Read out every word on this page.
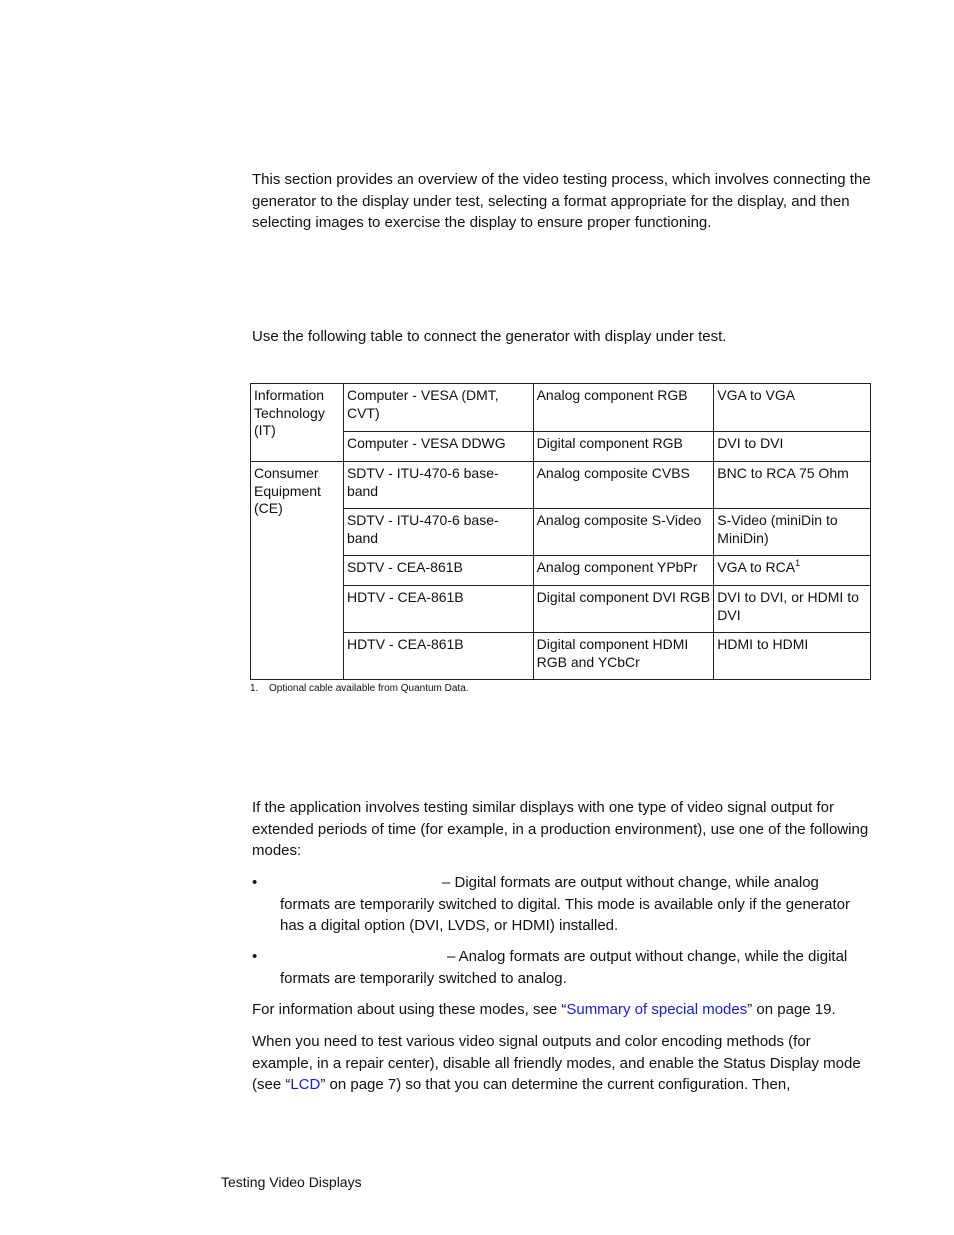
This section provides an overview of the video testing process, which involves connecting the generator to the display under test, selecting a format appropriate for the display, and then selecting images to exercise the display to ensure proper functioning.

Use the following table to connect the generator with display under test.

Information Technology (IT)	Computer - VESA (DMT, CVT)	Analog component RGB	VGA to VGA
	Computer - VESA DDWG	Digital component RGB	DVI to DVI
Consumer Equipment (CE)	SDTV - ITU-470-6 base-band	Analog composite CVBS	BNC to RCA 75 Ohm
	SDTV - ITU-470-6 base-band	Analog composite S-Video	S-Video (miniDin to MiniDin)
	SDTV - CEA-861B	Analog component YPbPr	VGA to RCA$^1$
	HDTV - CEA-861B	Digital component DVI RGB	DVI to DVI, or HDMI to DVI
	HDTV - CEA-861B	Digital component HDMI RGB and YCbCr	HDMI to HDMI
1. Optional cable available from Quantum Data.

If the application involves testing similar displays with one type of video signal output for extended periods of time (for example, in a production environment), use one of the following modes:

•	– Digital formats are output without change, while analog formats are temporarily switched to digital. This mode is available only if the generator has a digital option (DVI, LVDS, or HDMI) installed.
•	– Analog formats are output without change, while the digital formats are temporarily switched to analog.

For information about using these modes, see “Summary of special modes” on page 19.

When you need to test various video signal outputs and color encoding methods (for example, in a repair center), disable all friendly modes, and enable the Status Display mode (see “LCD” on page 7) so that you can determine the current configuration. Then,

Testing Video Displays
